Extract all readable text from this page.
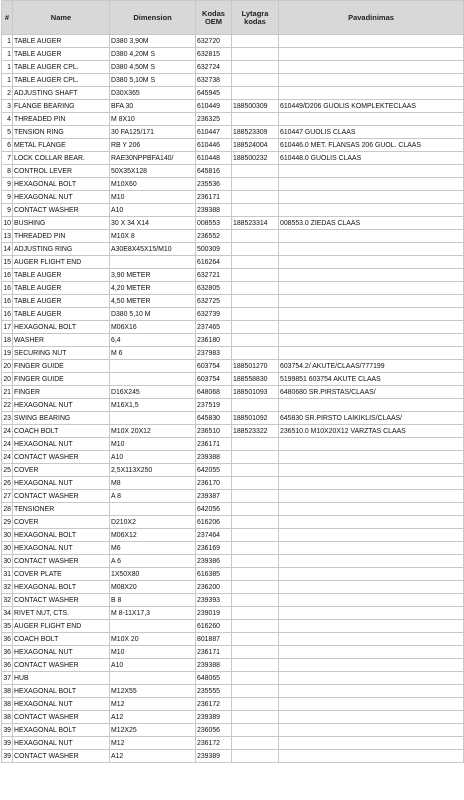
#	Name	Dimension	Kodas OEM	Lytagra kodas	Pavadinimas
1	TABLE AUGER	D380 3,90M	632720		
1	TABLE AUGER	D380 4,20M S	632815		
1	TABLE AUGER CPL.	D380 4,50M S	632724		
1	TABLE AUGER CPL.	D380 5,10M S	632738		
2	ADJUSTING SHAFT	D30X365	645945		
3	FLANGE BEARING	BFA 30	610449	188500309	610449/D206 GUOLIS KOMPLEKTECLAAS
4	THREADED PIN	M 8X10	236325		
5	TENSION RING	30 FA125/171	610447	188523309	610447 GUOLIS CLAAS
6	METAL FLANGE	RB Y 206	610446	188524004	610446.0 MET. FLANSAS 206 GUOL. CLAAS
7	LOCK COLLAR BEAR.	RAE30NPPBFA140/	610448	188500232	610448.0 GUOLIS CLAAS
8	CONTROL LEVER	50X35X128	645816		
9	HEXAGONAL BOLT	M10X60	235536		
9	HEXAGONAL NUT	M10	236171		
9	CONTACT WASHER	A10	239388		
10	BUSHING	30 X 34 X14	008553	188523314	008553.0 ZIEDAS CLAAS
13	THREADED PIN	M10X 8	236552		
14	ADJUSTING RING	A30E8X45X15/M10	500309		
15	AUGER FLIGHT END		616264		
16	TABLE AUGER	3,90 METER	632721		
16	TABLE AUGER	4,20 METER	632805		
16	TABLE AUGER	4,50 METER	632725		
16	TABLE AUGER	D380 5,10 M	632739		
17	HEXAGONAL BOLT	M06X16	237465		
18	WASHER	6,4	236180		
19	SECURING NUT	M 6	237983		
20	FINGER GUIDE		603754	188501270	603754.2/ AKUTE/CLAAS/777199
20	FINGER GUIDE		603754	188558830	5199851 603754 AKUTE CLAAS
21	FINGER	D16X245	648068	188501093	6480680 SR.PIRSTAS/CLAAS/
22	HEXAGONAL NUT	M16X1,5	237519		
23	SWING BEARING		645830	188501092	645830 SR.PIRSTO LAIKIKLIS/CLAAS/
24	COACH BOLT	M10X 20X12	236510	188523322	236510.0 M10X20X12 VARZTAS CLAAS
24	HEXAGONAL NUT	M10	236171		
24	CONTACT WASHER	A10	239388		
25	COVER	2,5X113X250	642055		
26	HEXAGONAL NUT	M8	236170		
27	CONTACT WASHER	A 8	239387		
28	TENSIONER		642056		
29	COVER	D210X2	616206		
30	HEXAGONAL BOLT	M06X12	237464		
30	HEXAGONAL NUT	M6	236169		
30	CONTACT WASHER	A 6	239386		
31	COVER PLATE	1X50X80	616385		
32	HEXAGONAL BOLT	M08X20	236200		
32	CONTACT WASHER	B 8	239393		
34	RIVET NUT, CTS.	M 8-11X17,3	239019		
35	AUGER FLIGHT END		616260		
36	COACH BOLT	M10X 20	801887		
36	HEXAGONAL NUT	M10	236171		
36	CONTACT WASHER	A10	239388		
37	HUB		648065		
38	HEXAGONAL BOLT	M12X55	235555		
38	HEXAGONAL NUT	M12	236172		
38	CONTACT WASHER	A12	239389		
39	HEXAGONAL BOLT	M12X25	236056		
39	HEXAGONAL NUT	M12	236172		
39	CONTACT WASHER	A12	239389		
